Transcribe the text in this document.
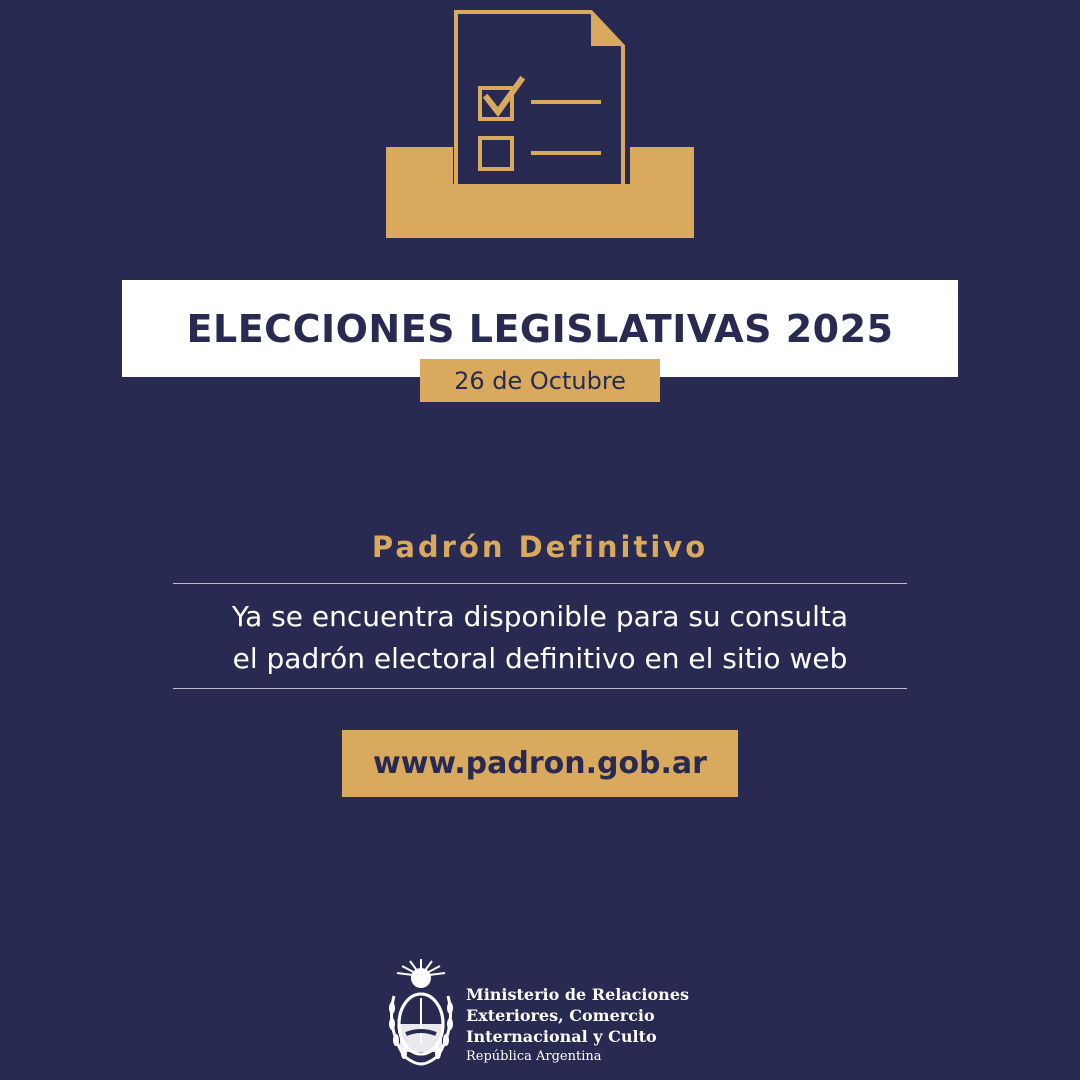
ELECCIONES LEGISLATIVAS 2025
26 de Octubre
Padrón Definitivo
Ya se encuentra disponible para su consulta
el padrón electoral definitivo en el sitio web
www.padron.gob.ar
Ministerio de Relaciones
Exteriores, Comercio
Internacional y Culto
República Argentina
